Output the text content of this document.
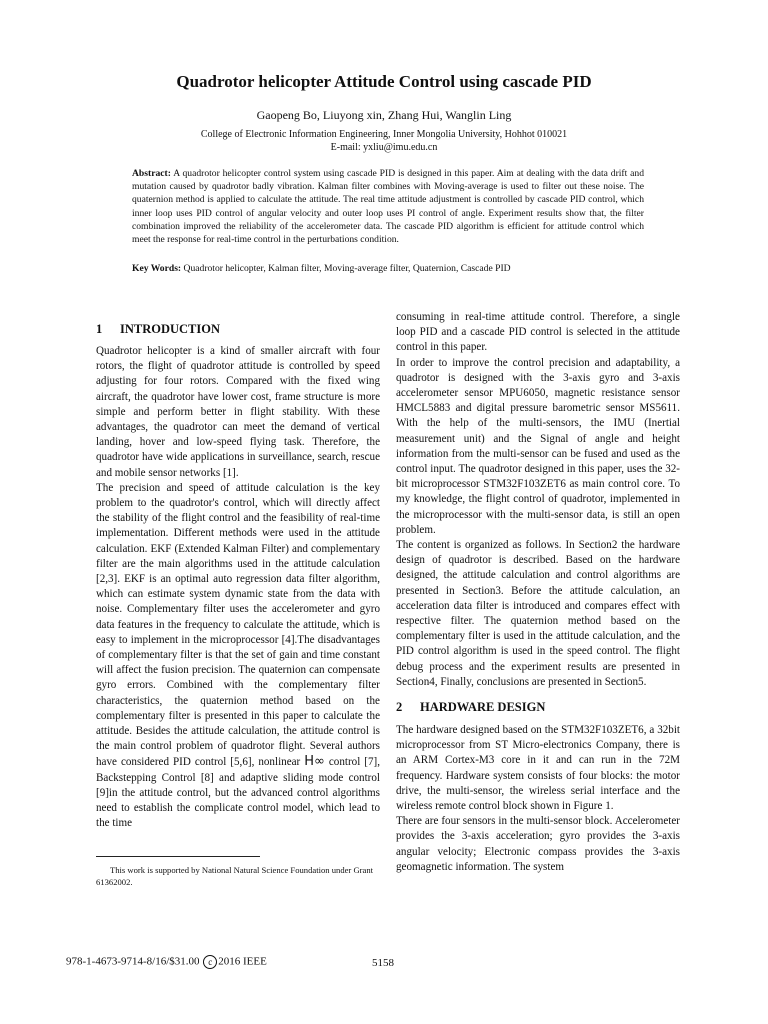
Quadrotor helicopter Attitude Control using cascade PID
Gaopeng Bo, Liuyong xin, Zhang Hui, Wanglin Ling
College of Electronic Information Engineering, Inner Mongolia University, Hohhot 010021
E-mail: yxliu@imu.edu.cn
Abstract: A quadrotor helicopter control system using cascade PID is designed in this paper. Aim at dealing with the data drift and mutation caused by quadrotor badly vibration. Kalman filter combines with Moving-average is used to filter out these noise. The quaternion method is applied to calculate the attitude. The real time attitude adjustment is controlled by cascade PID control, which inner loop uses PID control of angular velocity and outer loop uses PI control of angle. Experiment results show that, the filter combination improved the reliability of the accelerometer data. The cascade PID algorithm is efficient for attitude control which meet the response for real-time control in the perturbations condition.
Key Words: Quadrotor helicopter, Kalman filter, Moving-average filter, Quaternion, Cascade PID
1 INTRODUCTION

Quadrotor helicopter is a kind of smaller aircraft with four rotors, the flight of quadrotor attitude is controlled by speed adjusting for four rotors. Compared with the fixed wing aircraft, the quadrotor have lower cost, frame structure is more simple and perform better in flight stability. With these advantages, the quadrotor can meet the demand of vertical landing, hover and low-speed flying task. Therefore, the quadrotor have wide applications in surveillance, search, rescue and mobile sensor networks [1].

The precision and speed of attitude calculation is the key problem to the quadrotor's control, which will directly affect the stability of the flight control and the feasibility of real-time implementation. Different methods were used in the attitude calculation. EKF (Extended Kalman Filter) and complementary filter are the main algorithms used in the attitude calculation [2,3]. EKF is an optimal auto regression data filter algorithm, which can estimate system dynamic state from the data with noise. Complementary filter uses the accelerometer and gyro data features in the frequency to calculate the attitude, which is easy to implement in the microprocessor [4].The disadvantages of complementary filter is that the set of gain and time constant will affect the fusion precision. The quaternion can compensate gyro errors. Combined with the complementary filter characteristics, the quaternion method based on the complementary filter is presented in this paper to calculate the attitude. Besides the attitude calculation, the attitude control is the main control problem of quadrotor flight. Several authors have considered PID control [5,6], nonlinear H∞ control [7], Backstepping Control [8] and adaptive sliding mode control [9]in the attitude control, but the advanced control algorithms need to establish the complicate control model, which lead to the time

consuming in real-time attitude control. Therefore, a single loop PID and a cascade PID control is selected in the attitude control in this paper.

In order to improve the control precision and adaptability, a quadrotor is designed with the 3-axis gyro and 3-axis accelerometer sensor MPU6050, magnetic resistance sensor HMCL5883 and digital pressure barometric sensor MS5611. With the help of the multi-sensors, the IMU (Inertial measurement unit) and the Signal of angle and height information from the multi-sensor can be fused and used as the control input. The quadrotor designed in this paper, uses the 32-bit microprocessor STM32F103ZET6 as main control core. To my knowledge, the flight control of quadrotor, implemented in the microprocessor with the multi-sensor data, is still an open problem.

The content is organized as follows. In Section2 the hardware design of quadrotor is described. Based on the hardware designed, the attitude calculation and control algorithms are presented in Section3. Before the attitude calculation, an acceleration data filter is introduced and compares effect with respective filter. The quaternion method based on the complementary filter is used in the attitude calculation, and the PID control algorithm is used in the speed control. The flight debug process and the experiment results are presented in Section4, Finally, conclusions are presented in Section5.

2 HARDWARE DESIGN

The hardware designed based on the STM32F103ZET6, a 32bit microprocessor from ST Micro-electronics Company, there is an ARM Cortex-M3 core in it and can run in the 72M frequency. Hardware system consists of four blocks: the motor drive, the multi-sensor, the wireless serial interface and the wireless remote control block shown in Figure 1.

There are four sensors in the multi-sensor block. Accelerometer provides the 3-axis acceleration; gyro provides the 3-axis angular velocity; Electronic compass provides the 3-axis geomagnetic information. The system

This work is supported by National Natural Science Foundation under Grant 61362002.
978-1-4673-9714-8/16/$31.00 c 2016 IEEE	5158
